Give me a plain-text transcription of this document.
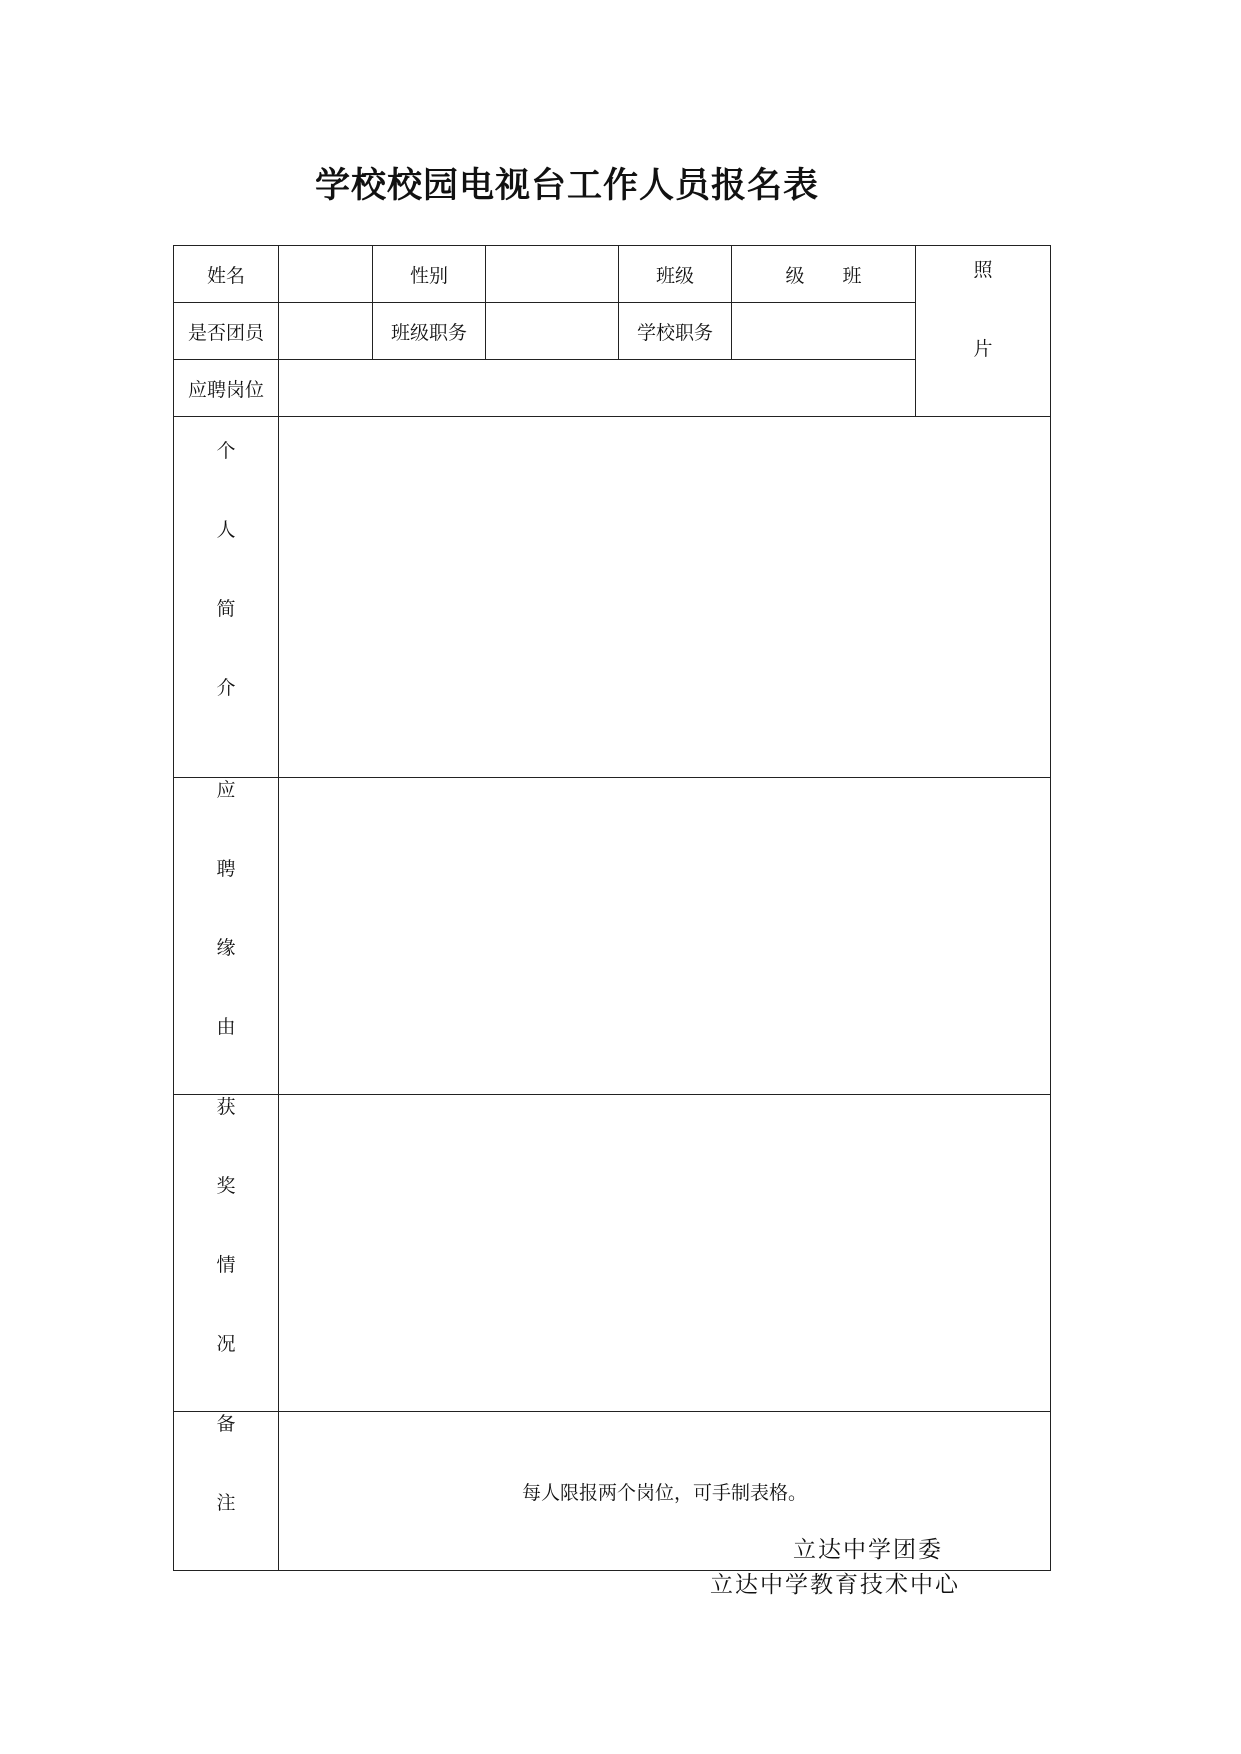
学校校园电视台工作人员报名表
姓名		性别		班级	级　　班	照
片

是否团员		班级职务		学校职务		
应聘岗位						

个
人
简
介						

应
聘
缘
由						

获
奖
情
况						

备
注	每人限报两个岗位，可手制表格。					
立达中学团委
立达中学教育技术中心
